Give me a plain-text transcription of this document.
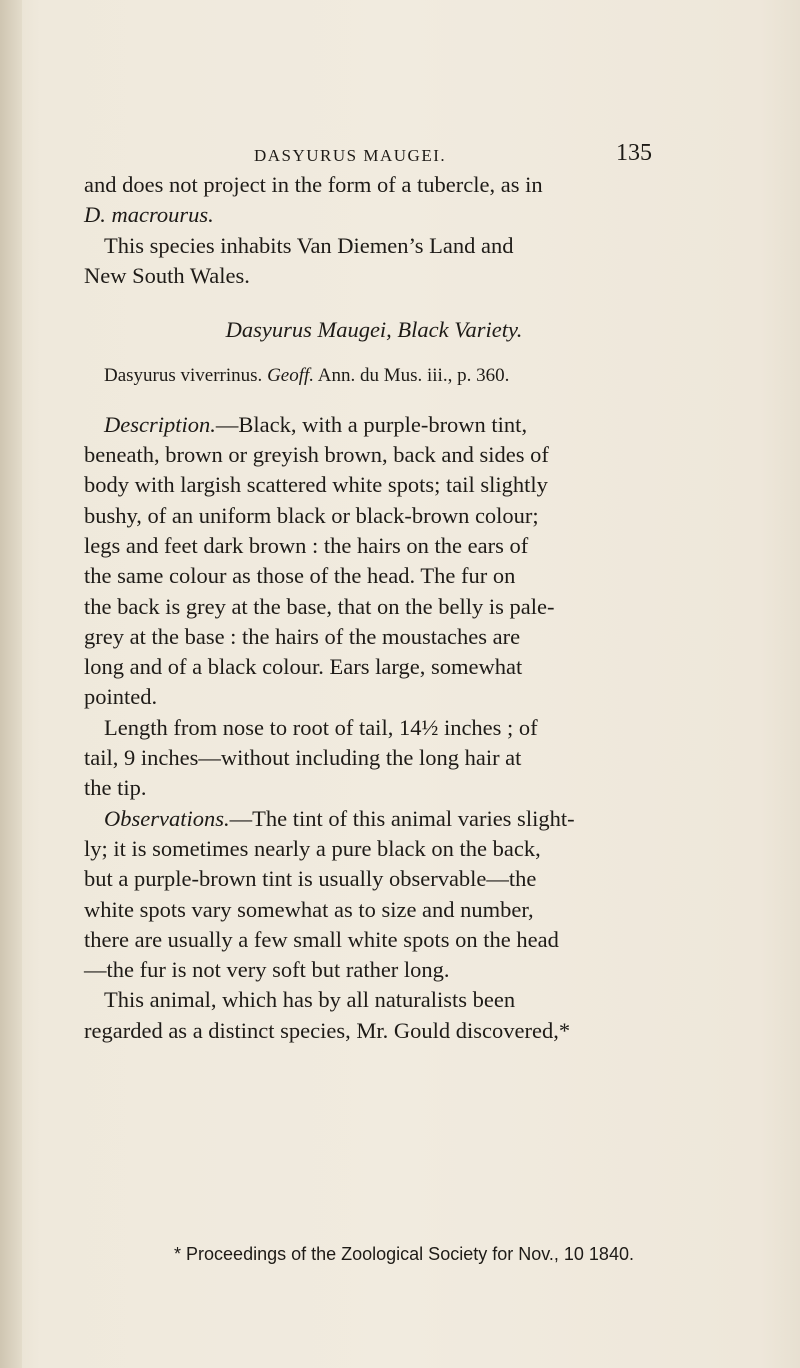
DASYURUS MAUGEI.	135
and does not project in the form of a tubercle, as in
D. macrourus.
This species inhabits Van Diemen’s Land and
New South Wales.
Dasyurus Maugei, Black Variety.
Dasyurus viverrinus. Geoff. Ann. du Mus. iii., p. 360.
Description.—Black, with a purple-brown tint,
beneath, brown or greyish brown, back and sides of
body with largish scattered white spots; tail slightly
bushy, of an uniform black or black-brown colour;
legs and feet dark brown : the hairs on the ears of
the same colour as those of the head. The fur on
the back is grey at the base, that on the belly is pale-
grey at the base : the hairs of the moustaches are
long and of a black colour. Ears large, somewhat
pointed.
Length from nose to root of tail, 14½ inches ; of
tail, 9 inches—without including the long hair at
the tip.
Observations.—The tint of this animal varies slight-
ly; it is sometimes nearly a pure black on the back,
but a purple-brown tint is usually observable—the
white spots vary somewhat as to size and number,
there are usually a few small white spots on the head
—the fur is not very soft but rather long.
This animal, which has by all naturalists been
regarded as a distinct species, Mr. Gould discovered,*
* Proceedings of the Zoological Society for Nov., 10 1840.
